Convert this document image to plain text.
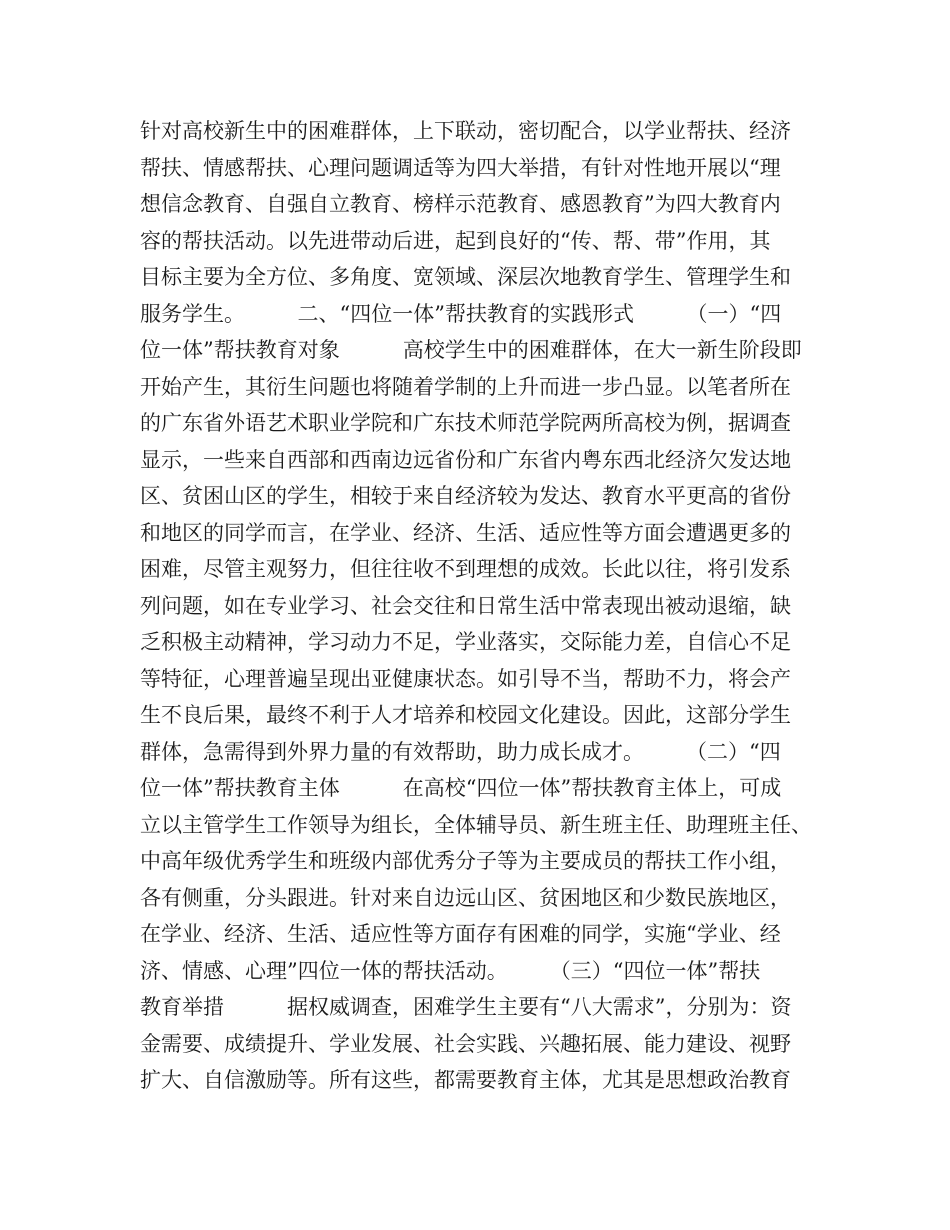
针对高校新生中的困难群体，上下联动，密切配合，以学业帮扶、经济
帮扶、情感帮扶、心理问题调适等为四大举措，有针对性地开展以“理
想信念教育、自强自立教育、榜样示范教育、感恩教育”为四大教育内
容的帮扶活动。以先进带动后进，起到良好的“传、帮、带”作用，其
目标主要为全方位、多角度、宽领域、深层次地教育学生、管理学生和
服务学生。　　　二、“四位一体”帮扶教育的实践形式　　　（一）“四
位一体”帮扶教育对象　　　高校学生中的困难群体，在大一新生阶段即
开始产生，其衍生问题也将随着学制的上升而进一步凸显。以笔者所在
的广东省外语艺术职业学院和广东技术师范学院两所高校为例，据调查
显示，一些来自西部和西南边远省份和广东省内粤东西北经济欠发达地
区、贫困山区的学生，相较于来自经济较为发达、教育水平更高的省份
和地区的同学而言，在学业、经济、生活、适应性等方面会遭遇更多的
困难，尽管主观努力，但往往收不到理想的成效。长此以往，将引发系
列问题，如在专业学习、社会交往和日常生活中常表现出被动退缩，缺
乏积极主动精神，学习动力不足，学业落实，交际能力差，自信心不足
等特征，心理普遍呈现出亚健康状态。如引导不当，帮助不力，将会产
生不良后果，最终不利于人才培养和校园文化建设。因此，这部分学生
群体，急需得到外界力量的有效帮助，助力成长成才。　　　（二）“四
位一体”帮扶教育主体　　　在高校“四位一体”帮扶教育主体上，可成
立以主管学生工作领导为组长，全体辅导员、新生班主任、助理班主任、
中高年级优秀学生和班级内部优秀分子等为主要成员的帮扶工作小组，
各有侧重，分头跟进。针对来自边远山区、贫困地区和少数民族地区，
在学业、经济、生活、适应性等方面存有困难的同学，实施“学业、经
济、情感、心理”四位一体的帮扶活动。　　　（三）“四位一体”帮扶
教育举措　　　据权威调查，困难学生主要有“八大需求”，分别为：资
金需要、成绩提升、学业发展、社会实践、兴趣拓展、能力建设、视野
扩大、自信激励等。所有这些，都需要教育主体，尤其是思想政治教育
